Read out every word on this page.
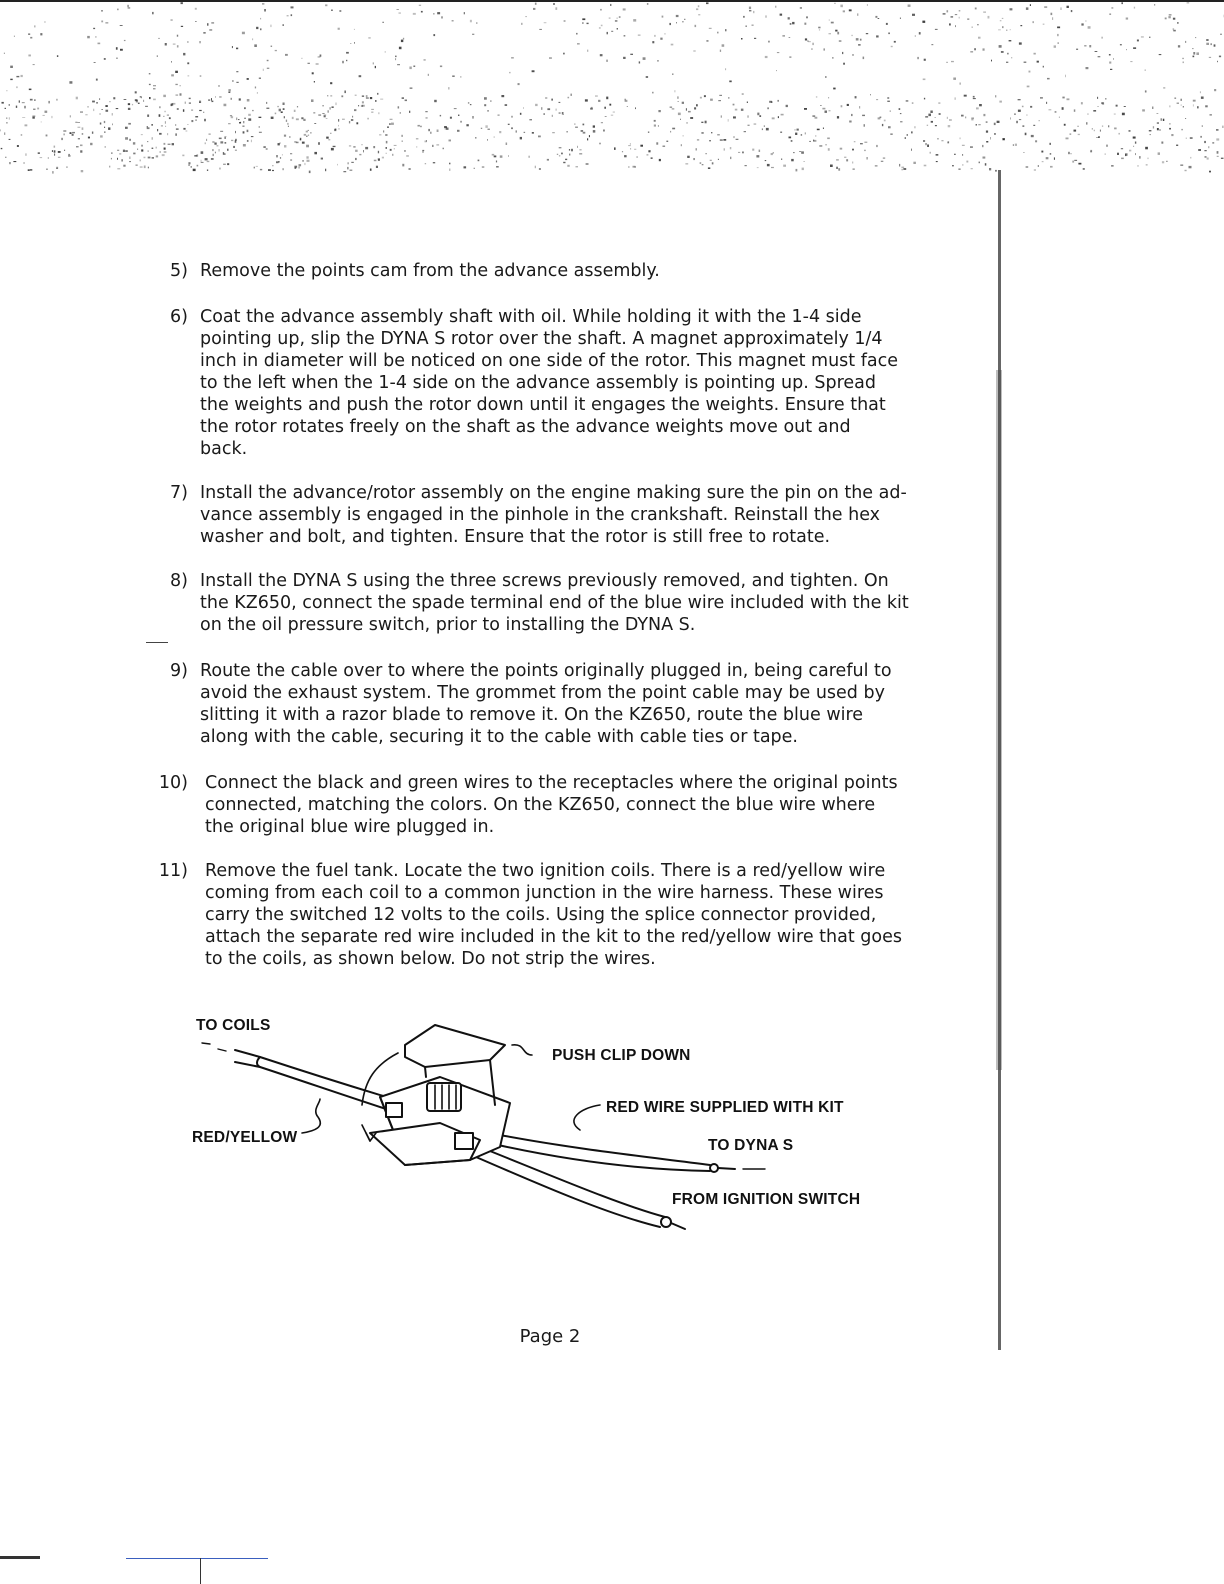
5) Remove the points cam from the advance assembly.
6) Coat the advance assembly shaft with oil. While holding it with the 1-4 side
pointing up, slip the DYNA S rotor over the shaft. A magnet approximately 1/4
inch in diameter will be noticed on one side of the rotor. This magnet must face
to the left when the 1-4 side on the advance assembly is pointing up. Spread
the weights and push the rotor down until it engages the weights. Ensure that
the rotor rotates freely on the shaft as the advance weights move out and
back.
7) Install the advance/rotor assembly on the engine making sure the pin on the ad-
vance assembly is engaged in the pinhole in the crankshaft. Reinstall the hex
washer and bolt, and tighten. Ensure that the rotor is still free to rotate.
8) Install the DYNA S using the three screws previously removed, and tighten. On
the KZ650, connect the spade terminal end of the blue wire included with the kit
on the oil pressure switch, prior to installing the DYNA S.
9) Route the cable over to where the points originally plugged in, being careful to
avoid the exhaust system. The grommet from the point cable may be used by
slitting it with a razor blade to remove it. On the KZ650, route the blue wire
along with the cable, securing it to the cable with cable ties or tape.
10) Connect the black and green wires to the receptacles where the original points
connected, matching the colors. On the KZ650, connect the blue wire where
the original blue wire plugged in.
11) Remove the fuel tank. Locate the two ignition coils. There is a red/yellow wire
coming from each coil to a common junction in the wire harness. These wires
carry the switched 12 volts to the coils. Using the splice connector provided,
attach the separate red wire included in the kit to the red/yellow wire that goes
to the coils, as shown below. Do not strip the wires.
TO COILS
PUSH CLIP DOWN
RED WIRE SUPPLIED WITH KIT
RED/YELLOW	TO DYNA S
FROM IGNITION SWITCH
Page 2
